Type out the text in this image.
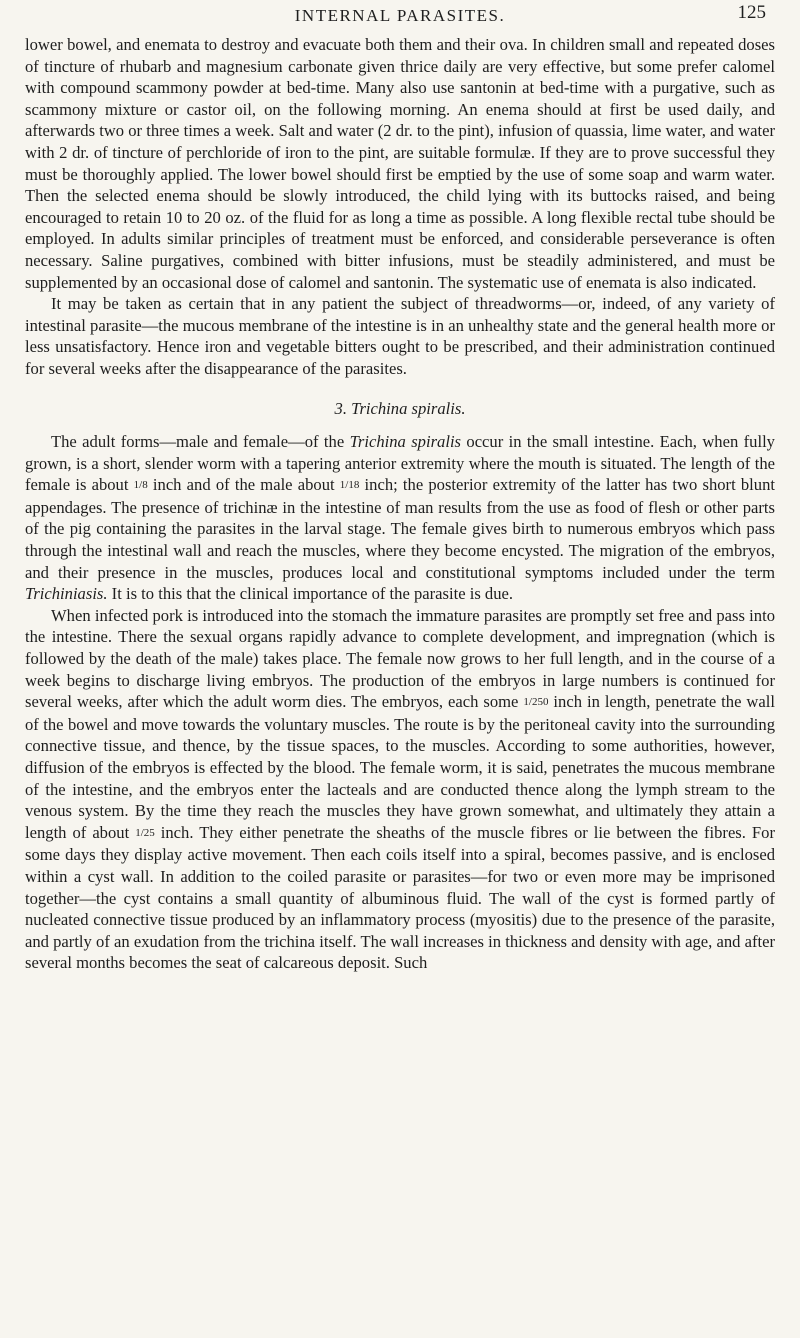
INTERNAL PARASITES.	125

lower bowel, and enemata to destroy and evacuate both them and their ova. In children small and repeated doses of tincture of rhubarb and magnesium carbonate given thrice daily are very effective, but some prefer calomel with compound scammony powder at bed-time. Many also use santonin at bed-time with a purgative, such as scammony mixture or castor oil, on the following morning. An enema should at first be used daily, and afterwards two or three times a week. Salt and water (2 dr. to the pint), infusion of quassia, lime water, and water with 2 dr. of tincture of perchloride of iron to the pint, are suitable formulæ. If they are to prove successful they must be thoroughly applied. The lower bowel should first be emptied by the use of some soap and warm water. Then the selected enema should be slowly introduced, the child lying with its buttocks raised, and being encouraged to retain 10 to 20 oz. of the fluid for as long a time as possible. A long flexible rectal tube should be employed. In adults similar principles of treatment must be enforced, and considerable perseverance is often necessary. Saline purgatives, combined with bitter infusions, must be steadily administered, and must be supplemented by an occasional dose of calomel and santonin. The systematic use of enemata is also indicated.

It may be taken as certain that in any patient the subject of threadworms—or, indeed, of any variety of intestinal parasite—the mucous membrane of the intestine is in an unhealthy state and the general health more or less unsatisfactory. Hence iron and vegetable bitters ought to be prescribed, and their administration continued for several weeks after the disappearance of the parasites.

3. Trichina spiralis.

The adult forms—male and female—of the Trichina spiralis occur in the small intestine. Each, when fully grown, is a short, slender worm with a tapering anterior extremity where the mouth is situated. The length of the female is about 1/8 inch and of the male about 1/18 inch; the posterior extremity of the latter has two short blunt appendages. The presence of trichinæ in the intestine of man results from the use as food of flesh or other parts of the pig containing the parasites in the larval stage. The female gives birth to numerous embryos which pass through the intestinal wall and reach the muscles, where they become encysted. The migration of the embryos, and their presence in the muscles, produces local and constitutional symptoms included under the term Trichiniasis. It is to this that the clinical importance of the parasite is due.

When infected pork is introduced into the stomach the immature parasites are promptly set free and pass into the intestine. There the sexual organs rapidly advance to complete development, and impregnation (which is followed by the death of the male) takes place. The female now grows to her full length, and in the course of a week begins to discharge living embryos. The production of the embryos in large numbers is continued for several weeks, after which the adult worm dies. The embryos, each some 1/250 inch in length, penetrate the wall of the bowel and move towards the voluntary muscles. The route is by the peritoneal cavity into the surrounding connective tissue, and thence, by the tissue spaces, to the muscles. According to some authorities, however, diffusion of the embryos is effected by the blood. The female worm, it is said, penetrates the mucous membrane of the intestine, and the embryos enter the lacteals and are conducted thence along the lymph stream to the venous system. By the time they reach the muscles they have grown somewhat, and ultimately they attain a length of about 1/25 inch. They either penetrate the sheaths of the muscle fibres or lie between the fibres. For some days they display active movement. Then each coils itself into a spiral, becomes passive, and is enclosed within a cyst wall. In addition to the coiled parasite or parasites—for two or even more may be imprisoned together—the cyst contains a small quantity of albuminous fluid. The wall of the cyst is formed partly of nucleated connective tissue produced by an inflammatory process (myositis) due to the presence of the parasite, and partly of an exudation from the trichina itself. The wall increases in thickness and density with age, and after several months becomes the seat of calcareous deposit. Such
